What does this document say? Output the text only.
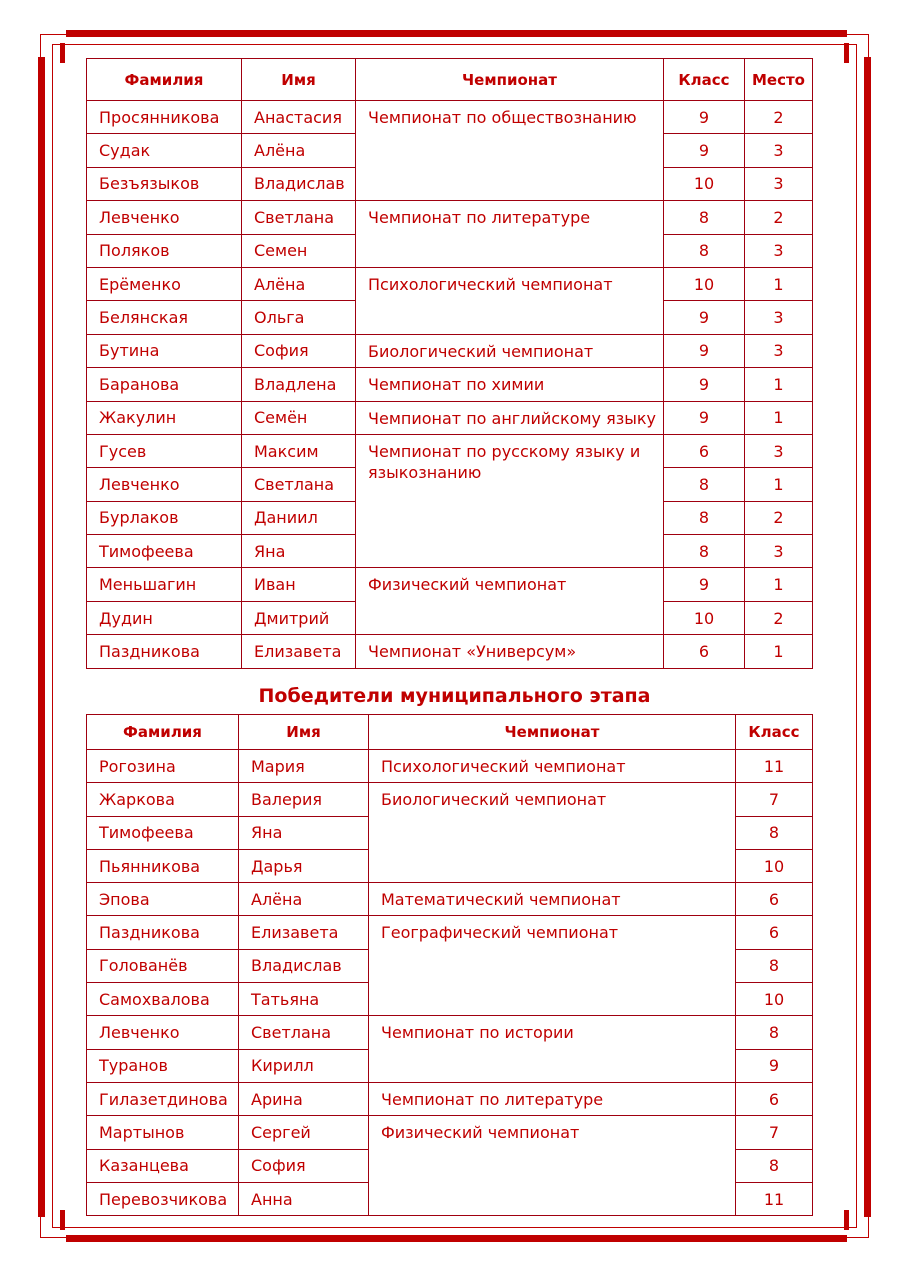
Фамилия	Имя	Чемпионат	Класс	Место
Просянникова	Анастасия	Чемпионат по обществознанию	9	2
Судак	Алёна		9	3
Безъязыков	Владислав		10	3
Левченко	Светлана	Чемпионат по литературе	8	2
Поляков	Семен		8	3
Ерёменко	Алёна	Психологический чемпионат	10	1
Белянская	Ольга		9	3
Бутина	София	Биологический чемпионат	9	3
Баранова	Владлена	Чемпионат по химии	9	1
Жакулин	Семён	Чемпионат по английскому языку	9	1
Гусев	Максим	Чемпионат по русскому языку и языкознанию	6	3
Левченко	Светлана		8	1
Бурлаков	Даниил		8	2
Тимофеева	Яна		8	3
Меньшагин	Иван	Физический чемпионат	9	1
Дудин	Дмитрий		10	2
Паздникова	Елизавета	Чемпионат «Универсум»	6	1
Победители муниципального этапа
Фамилия	Имя	Чемпионат	Класс
Рогозина	Мария	Психологический чемпионат	11
Жаркова	Валерия	Биологический чемпионат	7
Тимофеева	Яна		8
Пьянникова	Дарья		10
Эпова	Алёна	Математический чемпионат	6
Паздникова	Елизавета	Географический чемпионат	6
Голованёв	Владислав		8
Самохвалова	Татьяна		10
Левченко	Светлана	Чемпионат по истории	8
Туранов	Кирилл		9
Гилазетдинова	Арина	Чемпионат по литературе	6
Мартынов	Сергей	Физический чемпионат	7
Казанцева	София		8
Перевозчикова	Анна		11
